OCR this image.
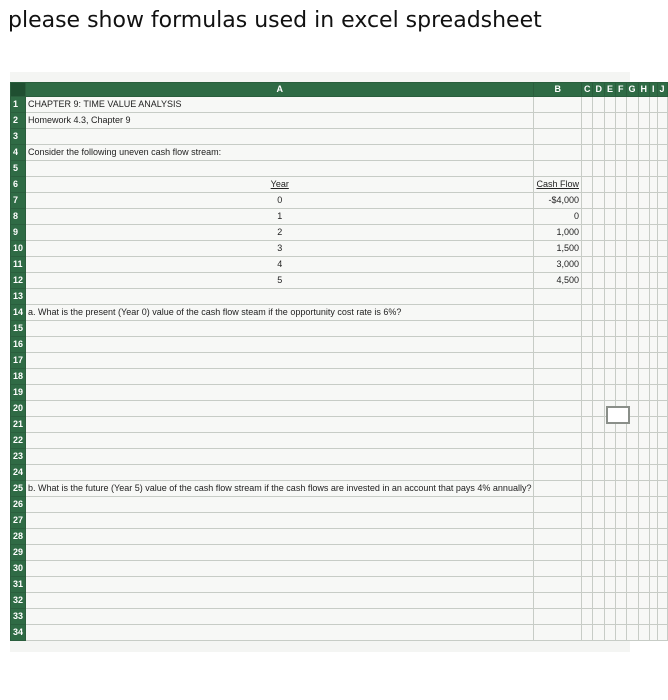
please show formulas used in excel spreadsheet
	A	B	C	D	E	F	G	H	I	J
1	CHAPTER 9: TIME VALUE ANALYSIS									
2	Homework 4.3, Chapter 9									
3										
4	Consider the following uneven cash flow stream:									
5										
6	Year	Cash Flow								
7	0	-$4,000								
8	1	0								
9	2	1,000								
10	3	1,500								
11	4	3,000								
12	5	4,500								
13										
14	a. What is the present (Year 0) value of the cash flow steam if the opportunity cost rate is 6%?									
15										
16										
17										
18										
19										
20										
21										
22										
23										
24										
25	b. What is the future (Year 5) value of the cash flow stream if the cash flows are invested in an account that pays 4% annually?									
26										
27										
28										
29										
30										
31										
32										
33										
34										
